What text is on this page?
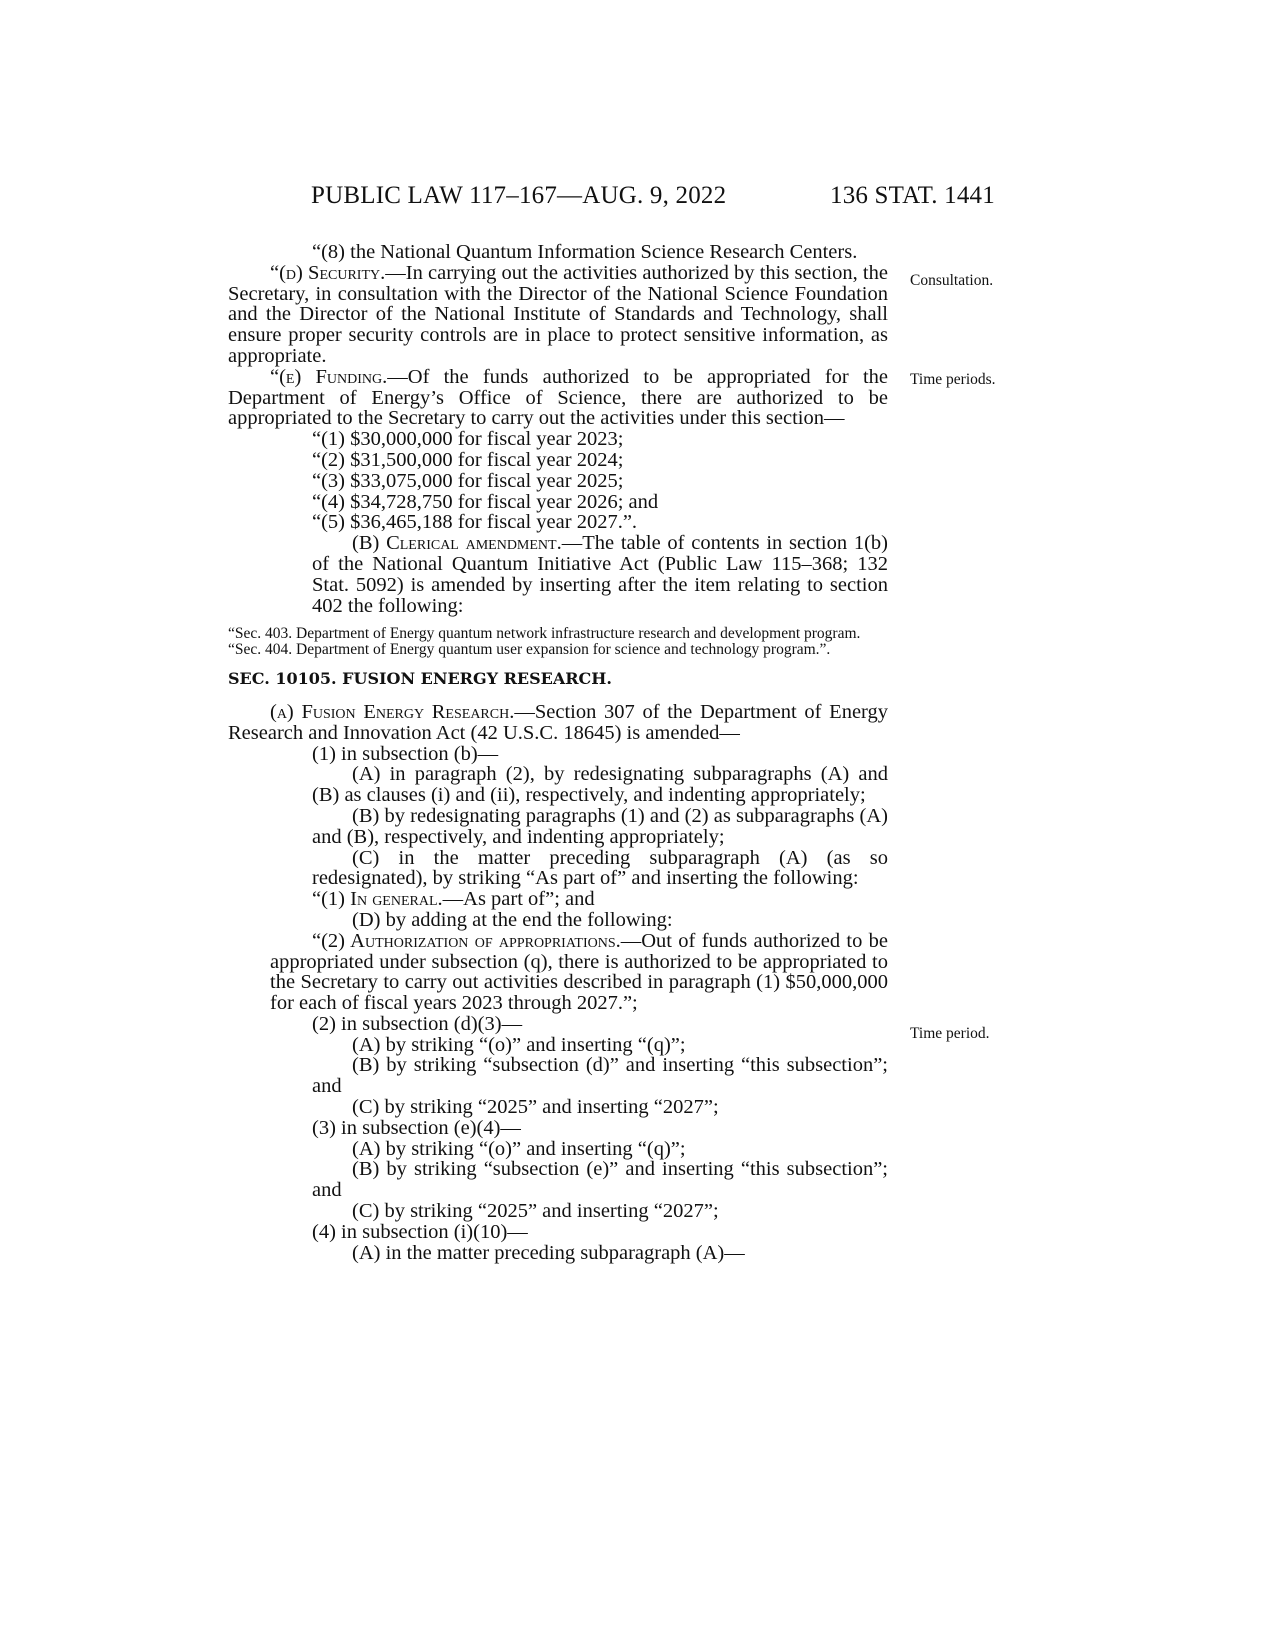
PUBLIC LAW 117–167—AUG. 9, 2022	136 STAT. 1441
Consultation.
Time periods.
Time period.

“(8) the National Quantum Information Science Research Centers.

“(d) Security.—In carrying out the activities authorized by this section, the Secretary, in consultation with the Director of the National Science Foundation and the Director of the National Institute of Standards and Technology, shall ensure proper security controls are in place to protect sensitive information, as appropriate.

“(e) Funding.—Of the funds authorized to be appropriated for the Department of Energy’s Office of Science, there are authorized to be appropriated to the Secretary to carry out the activities under this section—

“(1) $30,000,000 for fiscal year 2023;

“(2) $31,500,000 for fiscal year 2024;

“(3) $33,075,000 for fiscal year 2025;

“(4) $34,728,750 for fiscal year 2026; and

“(5) $36,465,188 for fiscal year 2027.”.

(B) Clerical amendment.—The table of contents in section 1(b) of the National Quantum Initiative Act (Public Law 115–368; 132 Stat. 5092) is amended by inserting after the item relating to section 402 the following:

“Sec. 403. Department of Energy quantum network infrastructure research and development program.

“Sec. 404. Department of Energy quantum user expansion for science and technology program.”.

SEC. 10105. FUSION ENERGY RESEARCH.

(a) Fusion Energy Research.—Section 307 of the Department of Energy Research and Innovation Act (42 U.S.C. 18645) is amended—

(1) in subsection (b)—

(A) in paragraph (2), by redesignating subparagraphs (A) and (B) as clauses (i) and (ii), respectively, and indenting appropriately;

(B) by redesignating paragraphs (1) and (2) as subparagraphs (A) and (B), respectively, and indenting appropriately;

(C) in the matter preceding subparagraph (A) (as so redesignated), by striking “As part of” and inserting the following:

“(1) In general.—As part of”; and

(D) by adding at the end the following:

“(2) Authorization of appropriations.—Out of funds authorized to be appropriated under subsection (q), there is authorized to be appropriated to the Secretary to carry out activities described in paragraph (1) $50,000,000 for each of fiscal years 2023 through 2027.”;

(2) in subsection (d)(3)—

(A) by striking “(o)” and inserting “(q)”;

(B) by striking “subsection (d)” and inserting “this subsection”; and

(C) by striking “2025” and inserting “2027”;

(3) in subsection (e)(4)—

(A) by striking “(o)” and inserting “(q)”;

(B) by striking “subsection (e)” and inserting “this subsection”; and

(C) by striking “2025” and inserting “2027”;

(4) in subsection (i)(10)—

(A) in the matter preceding subparagraph (A)—
